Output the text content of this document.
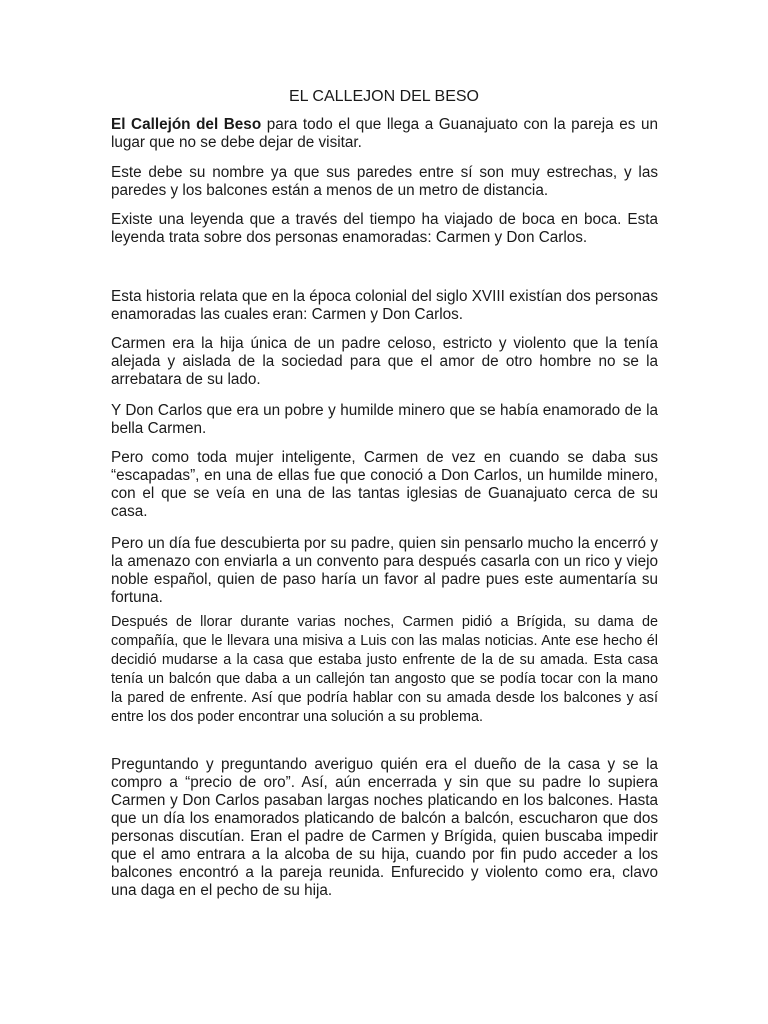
EL CALLEJON DEL BESO

El Callejón del Beso para todo el que llega a Guanajuato con la pareja es un lugar que no se debe dejar de visitar.

Este debe su nombre ya que sus paredes entre sí son muy estrechas, y las paredes y los balcones están a menos de un metro de distancia.

Existe una leyenda que a través del tiempo ha viajado de boca en boca. Esta leyenda trata sobre dos personas enamoradas: Carmen y Don Carlos.

Esta historia relata que en la época colonial del siglo XVIII existían dos personas enamoradas las cuales eran: Carmen y Don Carlos.

Carmen era la hija única de un padre celoso, estricto y violento que la tenía alejada y aislada de la sociedad para que el amor de otro hombre no se la arrebatara de su lado.

Y Don Carlos que era un pobre y humilde minero que se había enamorado de la bella Carmen.

Pero como toda mujer inteligente, Carmen de vez en cuando se daba sus “escapadas”, en una de ellas fue que conoció a Don Carlos, un humilde minero, con el que se veía en una de las tantas iglesias de Guanajuato cerca de su casa.

Pero un día fue descubierta por su padre, quien sin pensarlo mucho la encerró y la amenazo con enviarla a un convento para después casarla con un rico y viejo noble español, quien de paso haría un favor al padre pues este aumentaría su fortuna.

Después de llorar durante varias noches, Carmen pidió a Brígida, su dama de compañía, que le llevara una misiva a Luis con las malas noticias. Ante ese hecho él decidió mudarse a la casa que estaba justo enfrente de la de su amada. Esta casa tenía un balcón que daba a un callejón tan angosto que se podía tocar con la mano la pared de enfrente. Así que podría hablar con su amada desde los balcones y así entre los dos poder encontrar una solución a su problema.

Preguntando y preguntando averiguo quién era el dueño de la casa y se la compro a “precio de oro”. Así, aún encerrada y sin que su padre lo supiera Carmen y Don Carlos pasaban largas noches platicando en los balcones. Hasta que un día los enamorados platicando de balcón a balcón, escucharon que dos personas discutían. Eran el padre de Carmen y Brígida, quien buscaba impedir que el amo entrara a la alcoba de su hija, cuando por fin pudo acceder a los balcones encontró a la pareja reunida. Enfurecido y violento como era, clavo una daga en el pecho de su hija.
